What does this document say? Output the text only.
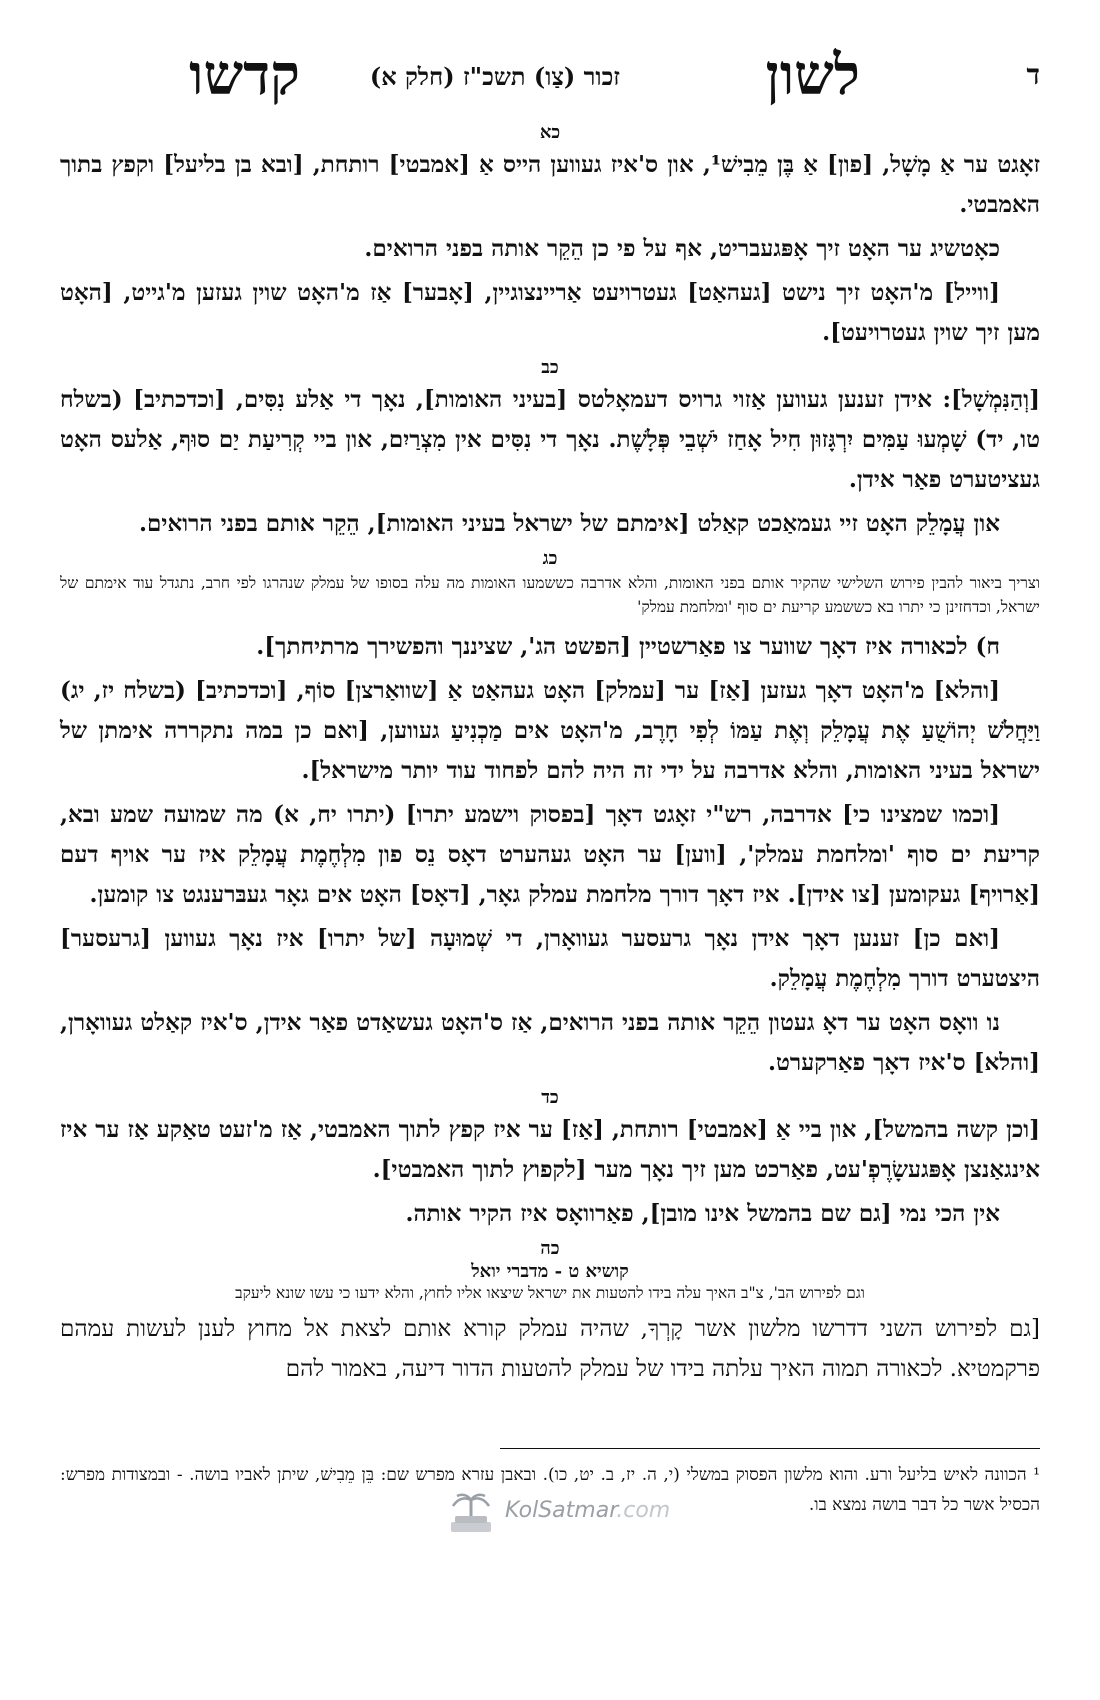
ד
לשון
זכור (צַו) תשכ"ז (חלק א)
קדשו
כא

זאָגט ער אַ מָשָׁל, [פון] אַ בֶּן מֵבִישׁ¹, און ס'איז געווען הייס אַ [אמבטי] רותחת, [ובא בן בליעל] וקפץ בתוך האמבטי.

כאָטשיג ער האָט זיך אָפּגעבריט, אף על פי כן הֵקֵר אותה בפני הרואים.

[ווייל] מ'האָט זיך נישט [געהאַט] געטרויעט אַריינצוגיין, [אָבער] אַז מ'האָט שוין געזען מ'גייט, [האָט מען זיך שוין געטרויעט].

כב

[וְהַנִּמְשָׁל]: אידן זענען געווען אַזוי גרויס דעמאָלטס [בעיני האומות], נאָך די אַלע נִסִּים, [וכדכתיב] (בשלח טו, יד) שָׁמְעוּ עַמִּים יִרְגָּזוּן חִיל אָחַז יֹשְׁבֵי פְּלָשֶׁת. נאָך די נִסִּים אין מִצְרַיִם, און ביי קְרִיעַת יַם סוּף, אַלעס האָט געציטערט פאַר אידן.

און עֲמָלֵק האָט זיי געמאַכט קאַלט [אימתם של ישראל בעיני האומות], הֵקֵר אותם בפני הרואים.

כג
וצריך ביאור להבין פירוש השלישי שהקיר אותם בפני האומות, והלא אדרבה כששמעו האומות מה עלה בסופו של עמלק שנהרגו לפי חרב, נתגדל עוד אימתם של ישראל, וכדחזינן כי יתרו בא כששמע קריעת ים סוף 'ומלחמת עמלק'

ח) לכאורה איז דאָך שווער צו פאַרשטיין [הפשט הג', שציננך והפשירך מרתיחתך].

[והלא] מ'האָט דאָך געזען [אַז] ער [עמלק] האָט געהאַט אַ [שוואַרצן] סוֹף, [וכדכתיב] (בשלח יז, יג) וַיַּחֲלֹשׁ יְהוֹשֻׁעַ אֶת עֲמָלֵק וְאֶת עַמּוֹ לְפִי חָרֶב, מ'האָט אים מַכְנִיעַ געווען, [ואם כן במה נתקררה אימתן של ישראל בעיני האומות, והלא אדרבה על ידי זה היה להם לפחוד עוד יותר מישראל].

[וכמו שמצינו כי] אדרבה, רש"י זאָגט דאָך [בפסוק וישמע יתרו] (יתרו יח, א) מה שמועה שמע ובא, קריעת ים סוף 'ומלחמת עמלק', [ווען] ער האָט געהערט דאָס נֵס פון מִלְחֶמֶת עֲמָלֵק איז ער אויף דעם [אַרויף] געקומען [צו אידן]. איז דאָך דורך מלחמת עמלק גאָר, [דאָס] האָט אים גאָר געבּרענגט צו קומען.

[ואם כן] זענען דאָך אידן נאָך גרעסער געוואָרן, די שְׁמוּעָה [של יתרו] איז נאָך געווען [גרעסער] היצטערט דורך מִלְחֶמֶת עֲמָלֵק.

נו וואָס האָט ער דאָ געטון הֵקֵר אותה בפני הרואים, אַז ס'האָט געשאַדט פאַר אידן, ס'איז קאַלט געוואָרן, [והלא] ס'איז דאָך פאַרקערט.

כד

[וכן קשה בהמשל], און ביי אַ [אמבטי] רותחת, [אַז] ער איז קפץ לתוך האמבטי, אַז מ'זעט טאַקע אַז ער איז אינגאַנצן אָפּגעשָׂרֶפְ'עט, פאַרכט מען זיך נאָך מער [לקפוץ לתוך האמבטי].

אין הכי נמי [גם שם בהמשל אינו מובן], פאַרוואָס איז הקיר אותה.

כה
קושיא ט - מדברי יואל
וגם לפירוש הב', צ"ב האיך עלה בידו להטעות את ישראל שיצאו אליו לחוץ, והלא ידעו כי עשו שונא ליעקב

[גם לפירוש השני דדרשו מלשון אשר קָרְךָ, שהיה עמלק קורא אותם לצאת אל מחוץ לענן לעשות עמהם פרקמטיא. לכאורה תמוה האיך עלתה בידו של עמלק להטעות הדור דיעה, באמור להם

¹ הכוונה לאיש בליעל ורע. והוא מלשון הפסוק במשלי (י, ה. יז, ב. יט, כו). ובאבן עזרא מפרש שם: בֵּן מֵבִישׁ, שיתן לאביו בושה. - ובמצודות מפרש: הכסיל אשר כל דבר בושה נמצא בו.
KolSatmar.com
